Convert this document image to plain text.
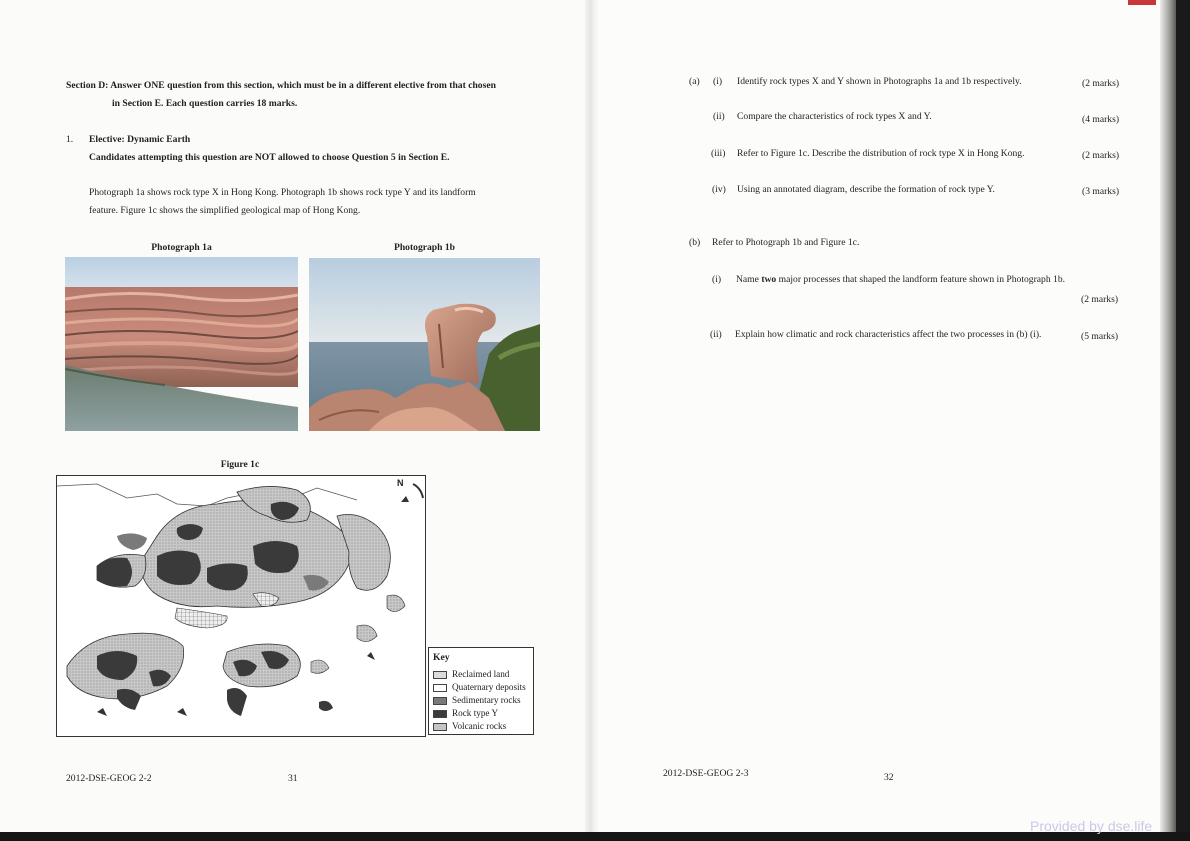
Section D: Answer ONE question from this section, which must be in a different elective from that chosen
in Section E. Each question carries 18 marks.
1. Elective: Dynamic Earth
Candidates attempting this question are NOT allowed to choose Question 5 in Section E.
Photograph 1a shows rock type X in Hong Kong. Photograph 1b shows rock type Y and its landform
feature. Figure 1c shows the simplified geological map of Hong Kong.
Photograph 1a	Photograph 1b
Figure 1c
N
Key
Reclaimed land
Quaternary deposits
Sedimentary rocks
Rock type Y
Volcanic rocks
2012-DSE-GEOG 2-2	31
(a) (i) Identify rock types X and Y shown in Photographs 1a and 1b respectively.	(2 marks)
(ii) Compare the characteristics of rock types X and Y.	(4 marks)
(iii) Refer to Figure 1c. Describe the distribution of rock type X in Hong Kong.	(2 marks)
(iv) Using an annotated diagram, describe the formation of rock type Y.	(3 marks)
(b) Refer to Photograph 1b and Figure 1c.
(i) Name two major processes that shaped the landform feature shown in Photograph 1b.
(2 marks)
(ii) Explain how climatic and rock characteristics affect the two processes in (b) (i).	(5 marks)
2012-DSE-GEOG 2-3	32
Provided by dse.life
